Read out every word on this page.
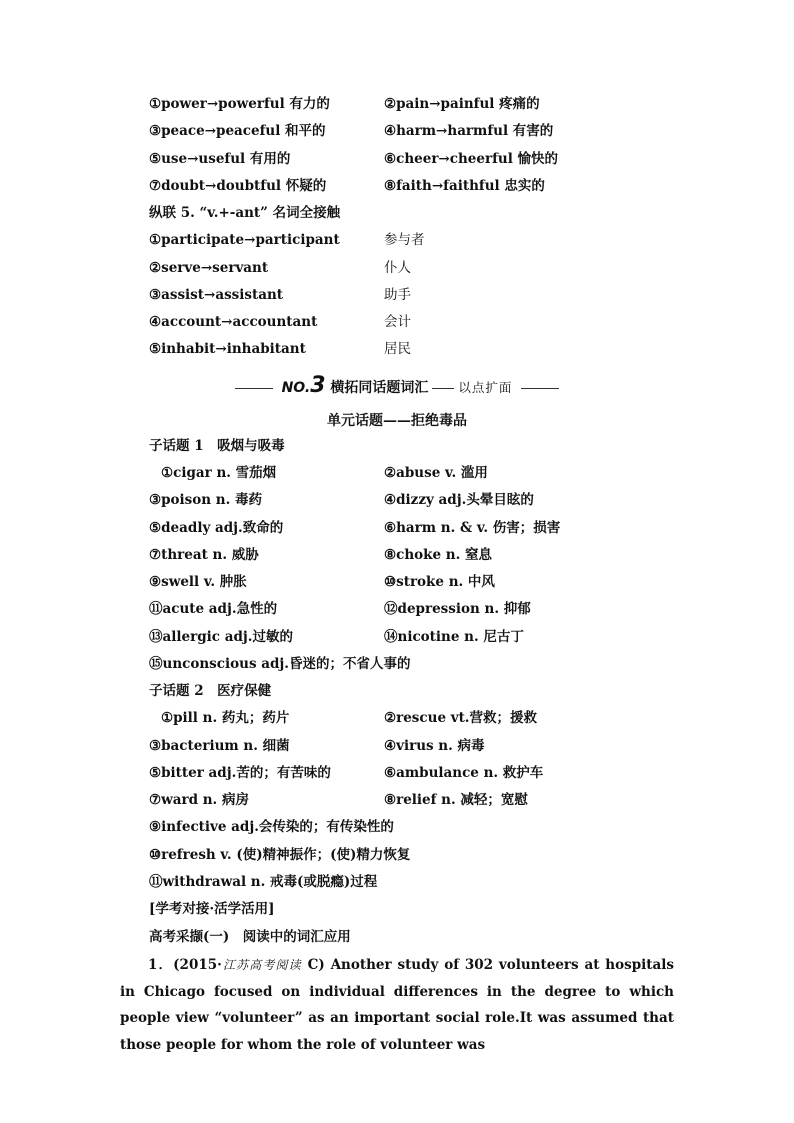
①power→powerful 有力的	②pain→painful 疼痛的
③peace→peaceful 和平的	④harm→harmful 有害的
⑤use→useful 有用的	⑥cheer→cheerful 愉快的
⑦doubt→doubtful 怀疑的	⑧faith→faithful 忠实的
纵联 5. “v.+-ant” 名词全接触
①participate→participant	参与者
②serve→servant	仆人
③assist→assistant	助手
④account→accountant	会计
⑤inhabit→inhabitant	居民
NO.3 横拓同话题词汇 以点扩面
单元话题——拒绝毒品
子话题 1　吸烟与吸毒
①cigar n. 雪茄烟	②abuse v. 滥用
③poison n. 毒药	④dizzy adj.头晕目眩的
⑤deadly adj.致命的	⑥harm n. & v. 伤害；损害
⑦threat n. 威胁	⑧choke n. 窒息
⑨swell v. 肿胀	⑩stroke n. 中风
⑪acute adj.急性的	⑫depression n. 抑郁
⑬allergic adj.过敏的	⑭nicotine n. 尼古丁
⑮unconscious adj.昏迷的；不省人事的
子话题 2　医疗保健
①pill n. 药丸；药片	②rescue vt.营救；援救
③bacterium n. 细菌	④virus n. 病毒
⑤bitter adj.苦的；有苦味的	⑥ambulance n. 救护车
⑦ward n. 病房	⑧relief n. 减轻；宽慰
⑨infective adj.会传染的；有传染性的
⑩refresh v. (使)精神振作；(使)精力恢复
⑪withdrawal n. 戒毒(或脱瘾)过程
[学考对接·活学活用]
高考采撷(一)　阅读中的词汇应用
1．(2015·江苏高考阅读 C) Another study of 302 volunteers at hospitals in Chicago focused on individual differences in the degree to which people view “volunteer” as an important social role.It was assumed that those people for whom the role of volunteer was
